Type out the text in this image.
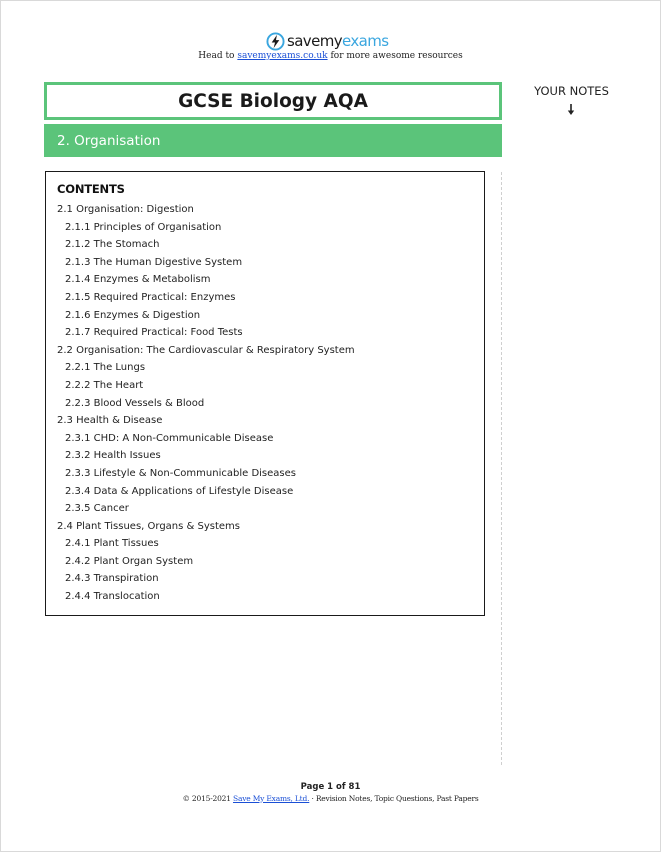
savemyexams
Head to savemyexams.co.uk for more awesome resources
GCSE Biology AQA
2. Organisation
YOUR NOTES
CONTENTS
2.1 Organisation: Digestion
2.1.1 Principles of Organisation
2.1.2 The Stomach
2.1.3 The Human Digestive System
2.1.4 Enzymes & Metabolism
2.1.5 Required Practical: Enzymes
2.1.6 Enzymes & Digestion
2.1.7 Required Practical: Food Tests
2.2 Organisation: The Cardiovascular & Respiratory System
2.2.1 The Lungs
2.2.2 The Heart
2.2.3 Blood Vessels & Blood
2.3 Health & Disease
2.3.1 CHD: A Non-Communicable Disease
2.3.2 Health Issues
2.3.3 Lifestyle & Non-Communicable Diseases
2.3.4 Data & Applications of Lifestyle Disease
2.3.5 Cancer
2.4 Plant Tissues, Organs & Systems
2.4.1 Plant Tissues
2.4.2 Plant Organ System
2.4.3 Transpiration
2.4.4 Translocation
Page 1 of 81
© 2015-2021 Save My Exams, Ltd. · Revision Notes, Topic Questions, Past Papers
